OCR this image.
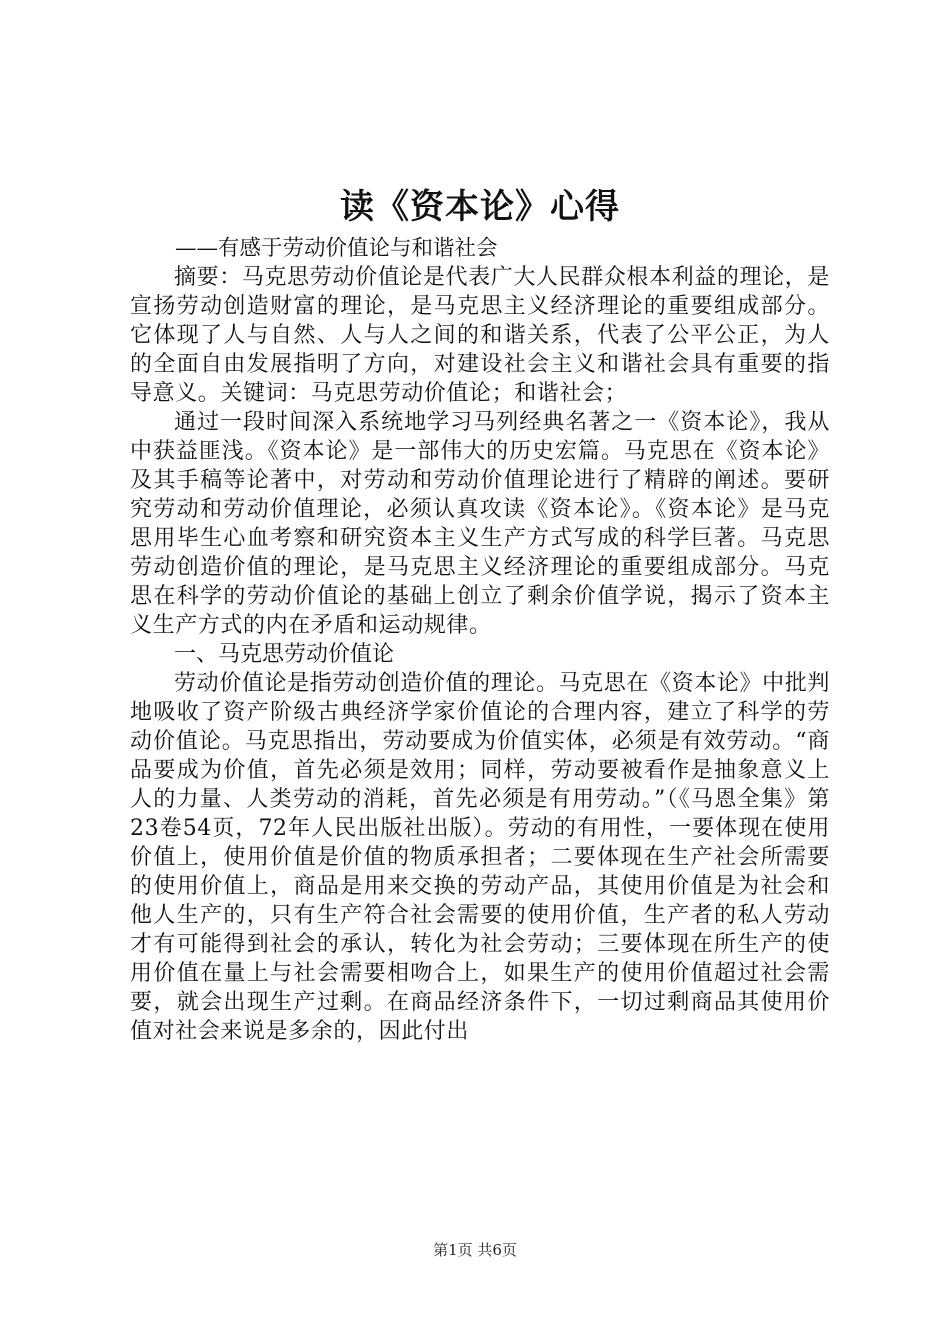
读《资本论》心得
——有感于劳动价值论与和谐社会

摘要：马克思劳动价值论是代表广大人民群众根本利益的理论，是宣扬劳动创造财富的理论，是马克思主义经济理论的重要组成部分。它体现了人与自然、人与人之间的和谐关系，代表了公平公正，为人的全面自由发展指明了方向，对建设社会主义和谐社会具有重要的指导意义。关键词：马克思劳动价值论；和谐社会；

通过一段时间深入系统地学习马列经典名著之一《资本论》，我从中获益匪浅。《资本论》是一部伟大的历史宏篇。马克思在《资本论》及其手稿等论著中，对劳动和劳动价值理论进行了精辟的阐述。要研究劳动和劳动价值理论，必须认真攻读《资本论》。《资本论》是马克思用毕生心血考察和研究资本主义生产方式写成的科学巨著。马克思劳动创造价值的理论，是马克思主义经济理论的重要组成部分。马克思在科学的劳动价值论的基础上创立了剩余价值学说，揭示了资本主义生产方式的内在矛盾和运动规律。

一、马克思劳动价值论

劳动价值论是指劳动创造价值的理论。马克思在《资本论》中批判地吸收了资产阶级古典经济学家价值论的合理内容，建立了科学的劳动价值论。马克思指出，劳动要成为价值实体，必须是有效劳动。“商品要成为价值，首先必须是效用；同样，劳动要被看作是抽象意义上人的力量、人类劳动的消耗，首先必须是有用劳动。”（《马恩全集》第23卷54页，72年人民出版社出版）。劳动的有用性，一要体现在使用价值上，使用价值是价值的物质承担者；二要体现在生产社会所需要的使用价值上，商品是用来交换的劳动产品，其使用价值是为社会和他人生产的，只有生产符合社会需要的使用价值，生产者的私人劳动才有可能得到社会的承认，转化为社会劳动；三要体现在所生产的使用价值在量上与社会需要相吻合上，如果生产的使用价值超过社会需要，就会出现生产过剩。在商品经济条件下，一切过剩商品其使用价值对社会来说是多余的，因此付出

第1页 共6页
